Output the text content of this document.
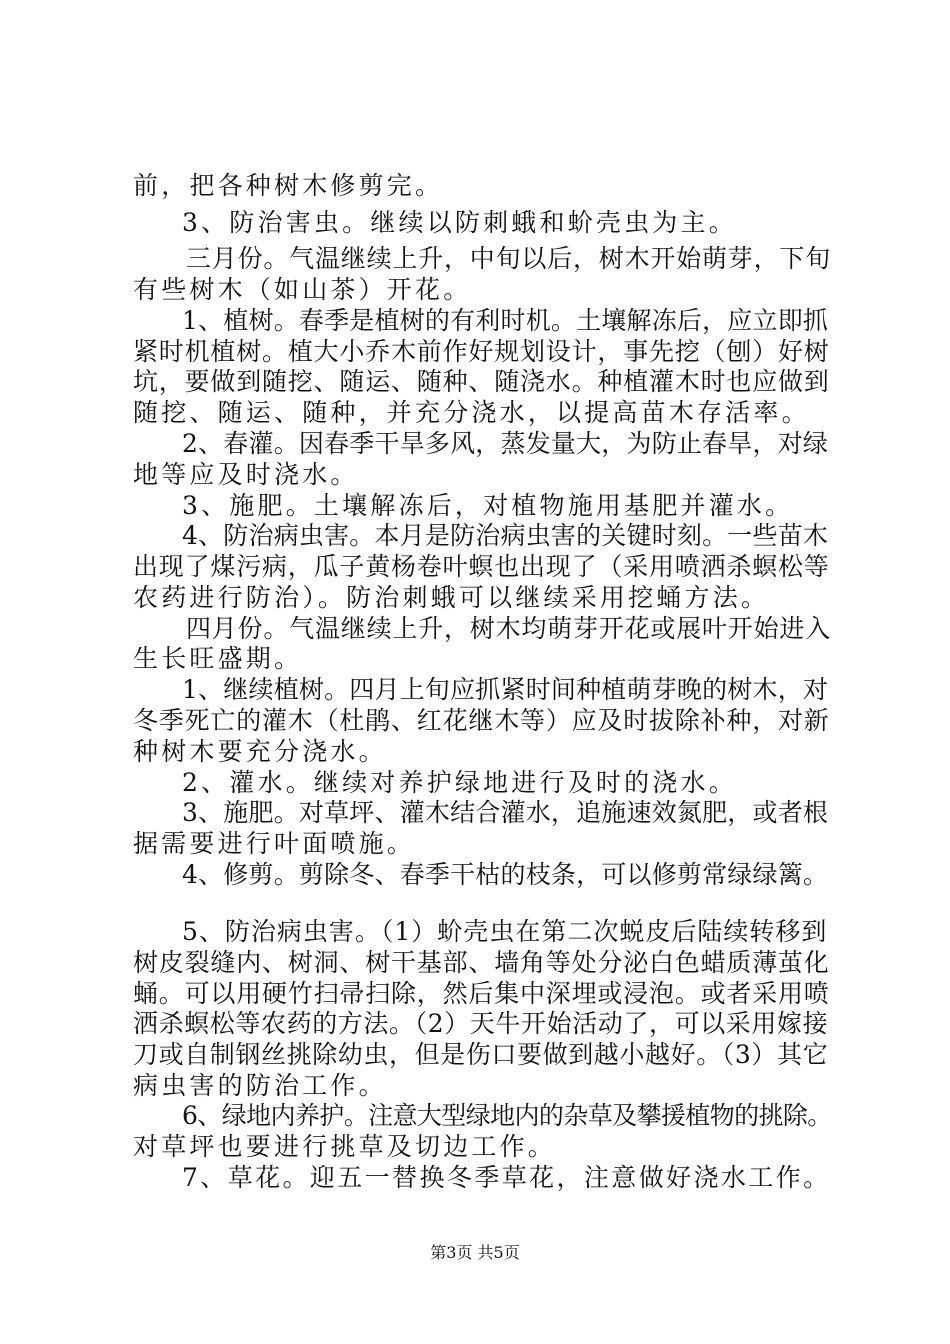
前，把各种树木修剪完。
3、防治害虫。继续以防刺蛾和蚧壳虫为主。
三月份。气温继续上升，中旬以后，树木开始萌芽，下旬
有些树木（如山茶）开花。
1、植树。春季是植树的有利时机。土壤解冻后，应立即抓
紧时机植树。植大小乔木前作好规划设计，事先挖（刨）好树
坑，要做到随挖、随运、随种、随浇水。种植灌木时也应做到
随挖、随运、随种，并充分浇水，以提高苗木存活率。
2、春灌。因春季干旱多风，蒸发量大，为防止春旱，对绿
地等应及时浇水。
3、施肥。土壤解冻后，对植物施用基肥并灌水。
4、防治病虫害。本月是防治病虫害的关键时刻。一些苗木
出现了煤污病，瓜子黄杨卷叶螟也出现了（采用喷洒杀螟松等
农药进行防治）。防治刺蛾可以继续采用挖蛹方法。
四月份。气温继续上升，树木均萌芽开花或展叶开始进入
生长旺盛期。
1、继续植树。四月上旬应抓紧时间种植萌芽晚的树木，对
冬季死亡的灌木（杜鹃、红花继木等）应及时拔除补种，对新
种树木要充分浇水。
2、灌水。继续对养护绿地进行及时的浇水。
3、施肥。对草坪、灌木结合灌水，追施速效氮肥，或者根
据需要进行叶面喷施。
4、修剪。剪除冬、春季干枯的枝条，可以修剪常绿绿篱。
5、防治病虫害。（1）蚧壳虫在第二次蜕皮后陆续转移到
树皮裂缝内、树洞、树干基部、墙角等处分泌白色蜡质薄茧化
蛹。可以用硬竹扫帚扫除，然后集中深埋或浸泡。或者采用喷
洒杀螟松等农药的方法。（2）天牛开始活动了，可以采用嫁接
刀或自制钢丝挑除幼虫，但是伤口要做到越小越好。（3）其它
病虫害的防治工作。
6、绿地内养护。注意大型绿地内的杂草及攀援植物的挑除。
对草坪也要进行挑草及切边工作。
7、草花。迎五一替换冬季草花，注意做好浇水工作。
第3页 共5页
